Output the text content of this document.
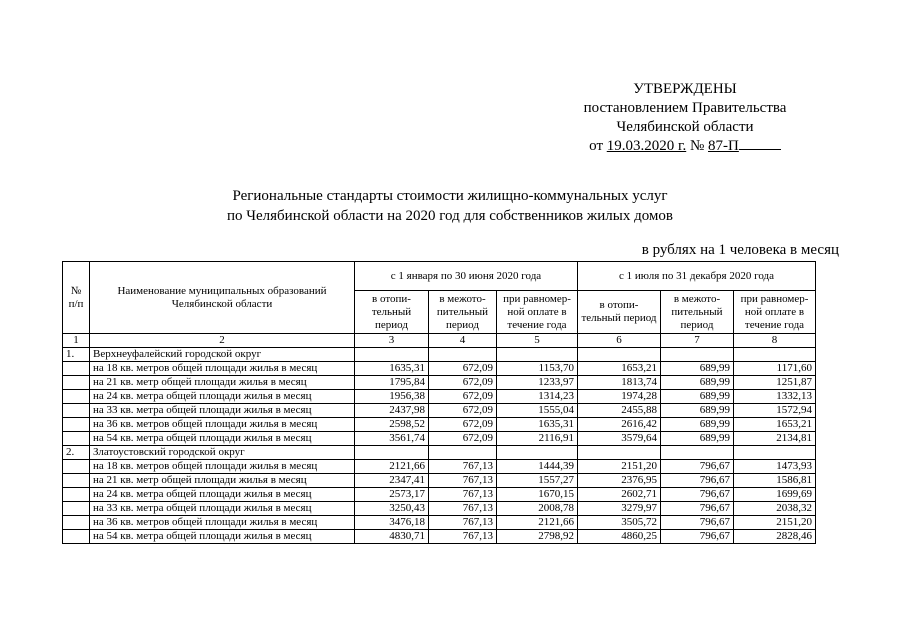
УТВЕРЖДЕНЫ
постановлением Правительства
Челябинской области
от 19.03.2020 г. № 87-П
Региональные стандарты стоимости жилищно-коммунальных услуг
по Челябинской области на 2020 год для собственников жилых домов
в рублях на 1 человека в месяц
№ п/п	Наименование муниципальных образований Челябинской области	с 1 января по 30 июня 2020 года			с 1 июля по 31 декабря 2020 года		
		в отопи-тельный период	в межото-пительный период	при равномер-ной оплате в течение года	в отопи-тельный период	в межото-пительный период	при равномер-ной оплате в течение года
1	2	3	4	5	6	7	8
1.	Верхнеуфалейский городской округ						
	на 18 кв. метров общей площади жилья в месяц	1635,31	672,09	1153,70	1653,21	689,99	1171,60
	на 21 кв. метр общей площади жилья в месяц	1795,84	672,09	1233,97	1813,74	689,99	1251,87
	на 24 кв. метра общей площади жилья в месяц	1956,38	672,09	1314,23	1974,28	689,99	1332,13
	на 33 кв. метра общей площади жилья в месяц	2437,98	672,09	1555,04	2455,88	689,99	1572,94
	на 36 кв. метров общей площади жилья в месяц	2598,52	672,09	1635,31	2616,42	689,99	1653,21
	на 54 кв. метра общей площади жилья в месяц	3561,74	672,09	2116,91	3579,64	689,99	2134,81
2.	Златоустовский городской округ						
	на 18 кв. метров общей площади жилья в месяц	2121,66	767,13	1444,39	2151,20	796,67	1473,93
	на 21 кв. метр общей площади жилья в месяц	2347,41	767,13	1557,27	2376,95	796,67	1586,81
	на 24 кв. метра общей площади жилья в месяц	2573,17	767,13	1670,15	2602,71	796,67	1699,69
	на 33 кв. метра общей площади жилья в месяц	3250,43	767,13	2008,78	3279,97	796,67	2038,32
	на 36 кв. метров общей площади жилья в месяц	3476,18	767,13	2121,66	3505,72	796,67	2151,20
	на 54 кв. метра общей площади жилья в месяц	4830,71	767,13	2798,92	4860,25	796,67	2828,46
